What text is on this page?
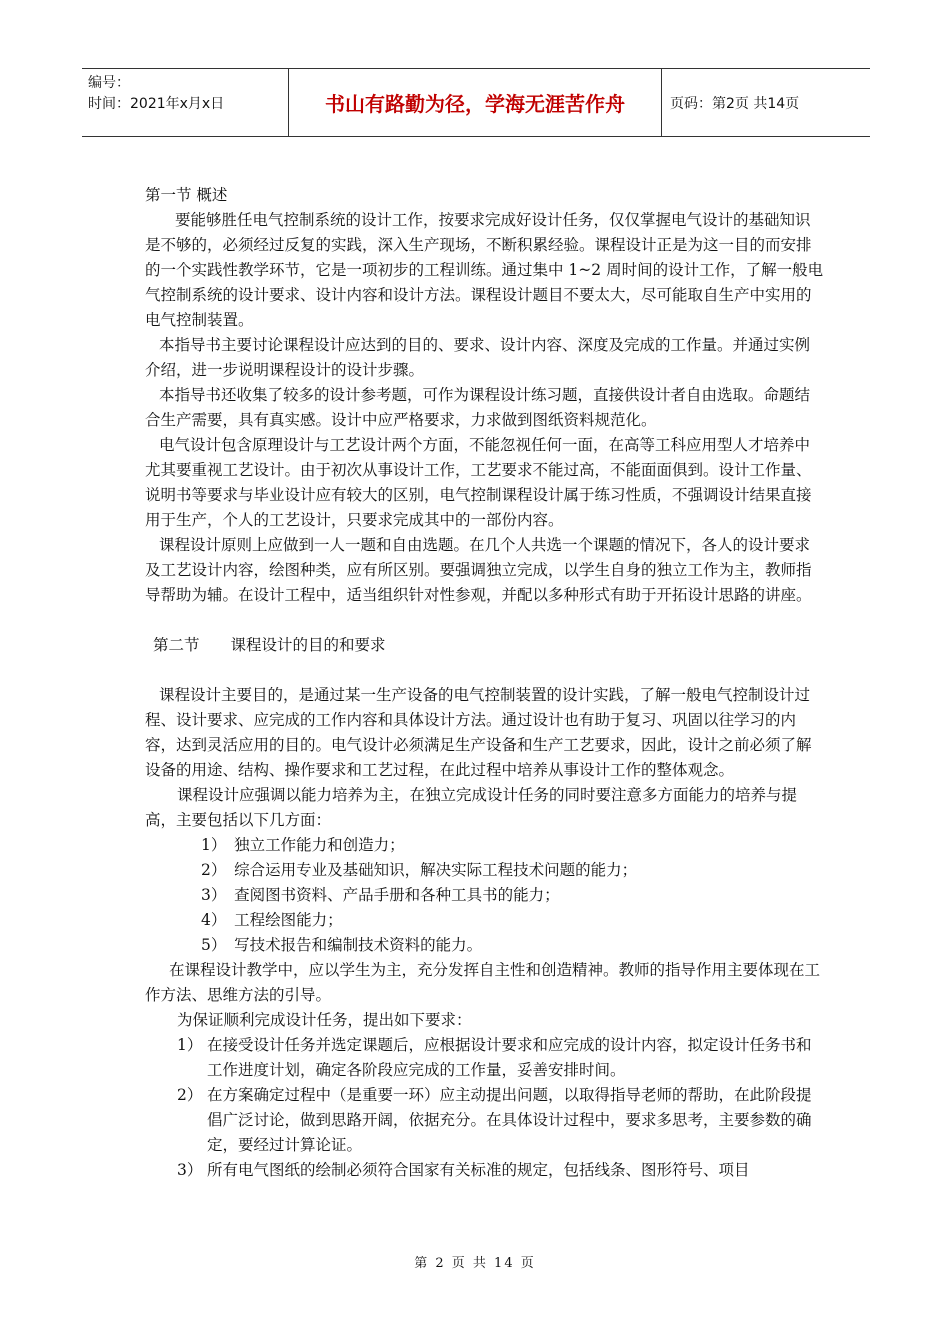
编号：
时间：2021年x月x日	书山有路勤为径，学海无涯苦作舟	页码：第2页 共14页

第一节 概述

要能够胜任电气控制系统的设计工作，按要求完成好设计任务，仅仅掌握电气设计的基础知识是不够的，必须经过反复的实践，深入生产现场，不断积累经验。课程设计正是为这一目的而安排的一个实践性教学环节，它是一项初步的工程训练。通过集中 1~2 周时间的设计工作，了解一般电气控制系统的设计要求、设计内容和设计方法。课程设计题目不要太大，尽可能取自生产中实用的电气控制装置。

本指导书主要讨论课程设计应达到的目的、要求、设计内容、深度及完成的工作量。并通过实例介绍，进一步说明课程设计的设计步骤。

本指导书还收集了较多的设计参考题，可作为课程设计练习题，直接供设计者自由选取。命题结合生产需要，具有真实感。设计中应严格要求，力求做到图纸资料规范化。

电气设计包含原理设计与工艺设计两个方面，不能忽视任何一面，在高等工科应用型人才培养中尤其要重视工艺设计。由于初次从事设计工作，工艺要求不能过高，不能面面俱到。设计工作量、说明书等要求与毕业设计应有较大的区别，电气控制课程设计属于练习性质，不强调设计结果直接用于生产，个人的工艺设计，只要求完成其中的一部份内容。

课程设计原则上应做到一人一题和自由选题。在几个人共选一个课题的情况下，各人的设计要求及工艺设计内容，绘图种类，应有所区别。要强调独立完成，以学生自身的独立工作为主，教师指导帮助为辅。在设计工程中，适当组织针对性参观，并配以多种形式有助于开拓设计思路的讲座。

第二节　　课程设计的目的和要求

课程设计主要目的，是通过某一生产设备的电气控制装置的设计实践，了解一般电气控制设计过程、设计要求、应完成的工作内容和具体设计方法。通过设计也有助于复习、巩固以往学习的内容，达到灵活应用的目的。电气设计必须满足生产设备和生产工艺要求，因此，设计之前必须了解设备的用途、结构、操作要求和工艺过程，在此过程中培养从事设计工作的整体观念。

课程设计应强调以能力培养为主，在独立完成设计任务的同时要注意多方面能力的培养与提高，主要包括以下几方面：

1）　独立工作能力和创造力；

2）　综合运用专业及基础知识，解决实际工程技术问题的能力；

3）　查阅图书资料、产品手册和各种工具书的能力；

4）　工程绘图能力；

5）　写技术报告和编制技术资料的能力。

在课程设计教学中，应以学生为主，充分发挥自主性和创造精神。教师的指导作用主要体现在工作方法、思维方法的引导。

为保证顺利完成设计任务，提出如下要求：

1） 在接受设计任务并选定课题后，应根据设计要求和应完成的设计内容，拟定设计任务书和工作进度计划，确定各阶段应完成的工作量，妥善安排时间。
2） 在方案确定过程中（是重要一环）应主动提出问题，以取得指导老师的帮助，在此阶段提倡广泛讨论，做到思路开阔，依据充分。在具体设计过程中，要求多思考，主要参数的确定，要经过计算论证。
3） 所有电气图纸的绘制必须符合国家有关标准的规定，包括线条、图形符号、项目
第 2 页 共 14 页
